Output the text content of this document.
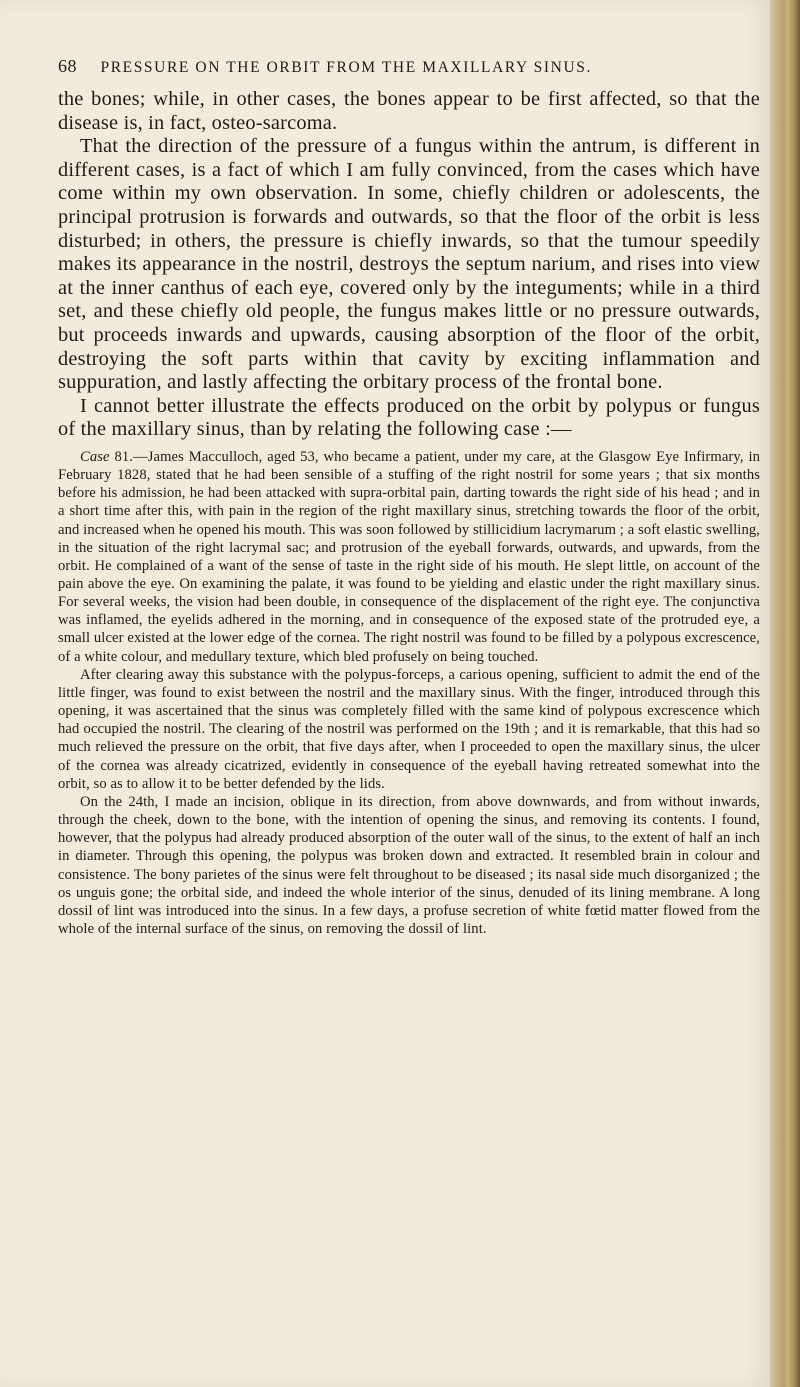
68 PRESSURE ON THE ORBIT FROM THE MAXILLARY SINUS.

the bones; while, in other cases, the bones appear to be first affected, so that the disease is, in fact, osteo-sarcoma.

That the direction of the pressure of a fungus within the antrum, is different in different cases, is a fact of which I am fully convinced, from the cases which have come within my own observation. In some, chiefly children or adolescents, the principal protrusion is forwards and outwards, so that the floor of the orbit is less disturbed; in others, the pressure is chiefly inwards, so that the tumour speedily makes its appearance in the nostril, destroys the septum narium, and rises into view at the inner canthus of each eye, covered only by the integuments; while in a third set, and these chiefly old people, the fungus makes little or no pressure outwards, but proceeds inwards and upwards, causing absorption of the floor of the orbit, destroying the soft parts within that cavity by exciting inflammation and suppuration, and lastly affecting the orbitary process of the frontal bone.

I cannot better illustrate the effects produced on the orbit by polypus or fungus of the maxillary sinus, than by relating the following case :—

Case 81.—James Macculloch, aged 53, who became a patient, under my care, at the Glasgow Eye Infirmary, in February 1828, stated that he had been sensible of a stuffing of the right nostril for some years ; that six months before his admission, he had been attacked with supra-orbital pain, darting towards the right side of his head ; and in a short time after this, with pain in the region of the right maxillary sinus, stretching towards the floor of the orbit, and increased when he opened his mouth. This was soon followed by stillicidium lacrymarum ; a soft elastic swelling, in the situation of the right lacrymal sac; and protrusion of the eyeball forwards, outwards, and upwards, from the orbit. He complained of a want of the sense of taste in the right side of his mouth. He slept little, on account of the pain above the eye. On examining the palate, it was found to be yielding and elastic under the right maxillary sinus. For several weeks, the vision had been double, in consequence of the displacement of the right eye. The conjunctiva was inflamed, the eyelids adhered in the morning, and in consequence of the exposed state of the protruded eye, a small ulcer existed at the lower edge of the cornea. The right nostril was found to be filled by a polypous excrescence, of a white colour, and medullary texture, which bled profusely on being touched.

After clearing away this substance with the polypus-forceps, a carious opening, sufficient to admit the end of the little finger, was found to exist between the nostril and the maxillary sinus. With the finger, introduced through this opening, it was ascertained that the sinus was completely filled with the same kind of polypous excrescence which had occupied the nostril. The clearing of the nostril was performed on the 19th ; and it is remarkable, that this had so much relieved the pressure on the orbit, that five days after, when I proceeded to open the maxillary sinus, the ulcer of the cornea was already cicatrized, evidently in consequence of the eyeball having retreated somewhat into the orbit, so as to allow it to be better defended by the lids.

On the 24th, I made an incision, oblique in its direction, from above downwards, and from without inwards, through the cheek, down to the bone, with the intention of opening the sinus, and removing its contents. I found, however, that the polypus had already produced absorption of the outer wall of the sinus, to the extent of half an inch in diameter. Through this opening, the polypus was broken down and extracted. It resembled brain in colour and consistence. The bony parietes of the sinus were felt throughout to be diseased ; its nasal side much disorganized ; the os unguis gone; the orbital side, and indeed the whole interior of the sinus, denuded of its lining membrane. A long dossil of lint was introduced into the sinus. In a few days, a profuse secretion of white fœtid matter flowed from the whole of the internal surface of the sinus, on removing the dossil of lint.
